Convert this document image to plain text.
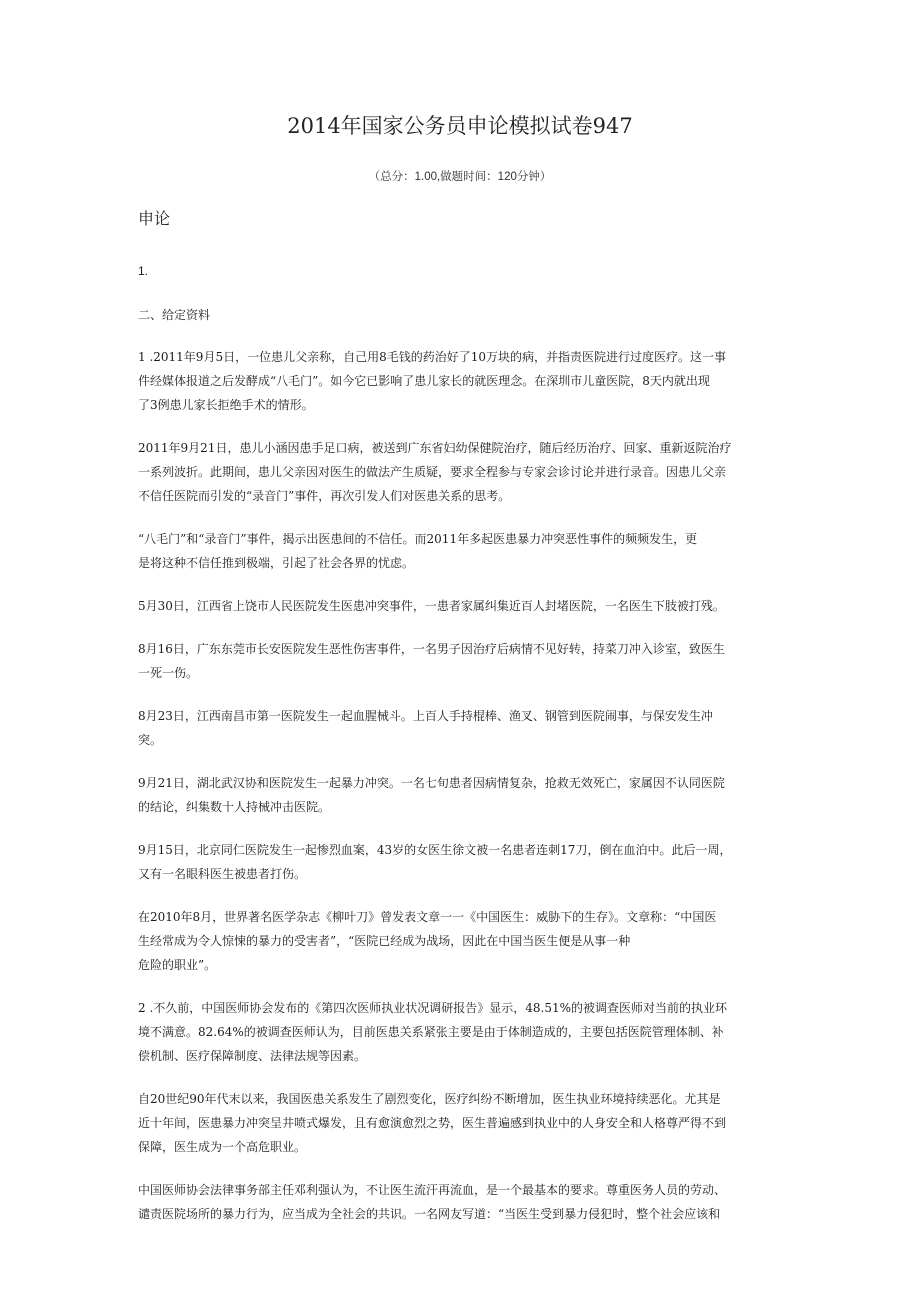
2014年国家公务员申论模拟试卷947
（总分：1.00,做题时间：120分钟）
申论
1.
二、给定资料

1 .2011年9月5日，一位患儿父亲称，自己用8毛钱的药治好了10万块的病，并指责医院进行过度医疗。这一事
件经媒体报道之后发酵成“八毛门”。如今它已影响了患儿家长的就医理念。在深圳市儿童医院，8天内就出现
了3例患儿家长拒绝手术的情形。

2011年9月21日，患儿小涵因患手足口病，被送到广东省妇幼保健院治疗，随后经历治疗、回家、重新返院治疗
一系列波折。此期间，患儿父亲因对医生的做法产生质疑，要求全程参与专家会诊讨论并进行录音。因患儿父亲
不信任医院而引发的“录音门”事件，再次引发人们对医患关系的思考。

“八毛门”和“录音门”事件，揭示出医患间的不信任。而2011年多起医患暴力冲突恶性事件的频频发生，更
是将这种不信任推到极端，引起了社会各界的忧虑。

5月30日，江西省上饶市人民医院发生医患冲突事件，一患者家属纠集近百人封堵医院，一名医生下肢被打残。

8月16日，广东东莞市长安医院发生恶性伤害事件，一名男子因治疗后病情不见好转，持菜刀冲入诊室，致医生
一死一伤。

8月23日，江西南昌市第一医院发生一起血腥械斗。上百人手持棍棒、渔叉、钢管到医院闹事，与保安发生冲
突。

9月21日，湖北武汉协和医院发生一起暴力冲突。一名七旬患者因病情复杂，抢救无效死亡，家属因不认同医院
的结论，纠集数十人持械冲击医院。

9月15日，北京同仁医院发生一起惨烈血案，43岁的女医生徐文被一名患者连刺17刀，倒在血泊中。此后一周，
又有一名眼科医生被患者打伤。

在2010年8月，世界著名医学杂志《柳叶刀》曾发表文章一一《中国医生：威胁下的生存》。文章称：“中国医
生经常成为令人惊悚的暴力的受害者”，“医院已经成为战场，因此在中国当医生便是从事一种
危险的职业”。

2 .不久前，中国医师协会发布的《第四次医师执业状况调研报告》显示，48.51%的被调查医师对当前的执业环
境不满意。82.64%的被调查医师认为，目前医患关系紧张主要是由于体制造成的，主要包括医院管理体制、补
偿机制、医疗保障制度、法律法规等因素。

自20世纪90年代末以来，我国医患关系发生了剧烈变化，医疗纠纷不断增加，医生执业环境持续恶化。尤其是
近十年间，医患暴力冲突呈井喷式爆发，且有愈演愈烈之势，医生普遍感到执业中的人身安全和人格尊严得不到
保障，医生成为一个高危职业。

中国医师协会法律事务部主任邓利强认为，不让医生流汗再流血，是一个最基本的要求。尊重医务人员的劳动、
谴责医院场所的暴力行为，应当成为全社会的共识。一名网友写道：“当医生受到暴力侵犯时，整个社会应该和
